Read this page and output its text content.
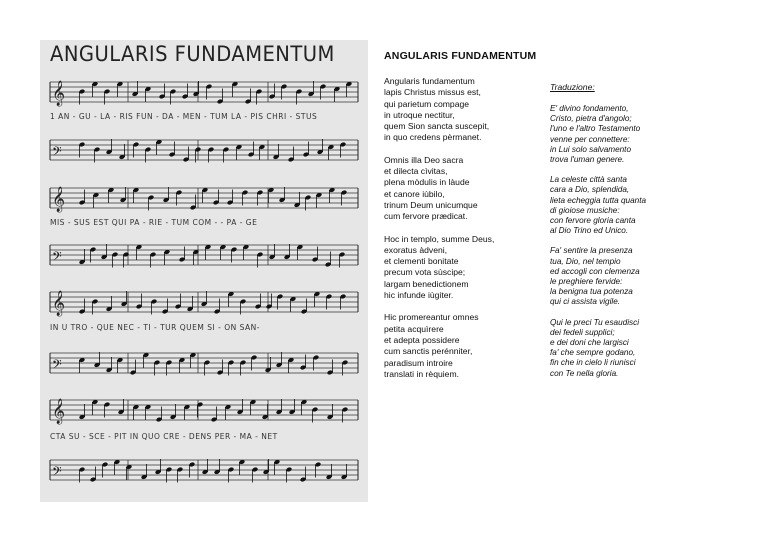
𝄞
𝄢
𝄞
𝄢
𝄞
𝄢
𝄞
𝄢
ANGULARIS FUNDAMENTUM
1 AN - GU - LA - RIS FUN - DA - MEN - TUM LA - PIS CHRI - STUS
MIS - SUS EST QUI PA - RIE - TUM COM - - PA - GE
IN U TRO - QUE NEC - TI - TUR QUEM SI - ON SAN-
CTA SU - SCE - PIT IN QUO CRE - DENS PER - MA - NET
ANGULARIS FUNDAMENTUM
Angularis fundamentum
lapis Christus missus est,
qui parietum compage
in utroque nectitur,
quem Sion sancta suscepit,
in quo credens pèrmanet.
Omnis illa Deo sacra
et dilecta cìvitas,
plena mòdulis in làude
et canore iùbilo,
trinum Deum unicumque
cum fervore prædicat.
Hoc in templo, summe Deus,
exoratus àdveni,
et clementi bonitate
precum vota sùscipe;
largam benedictionem
hic infunde iùgiter.
Hic promereantur omnes
petita acquìrere
et adepta possidere
cum sanctis perénniter,
paradisum introire
translati in rèquiem.
Traduzione:
E' divino fondamento,
Cristo, pietra d'angolo;
l'uno e l'altro Testamento
venne per connettere:
in Lui solo salvamento
trova l'uman genere.
La celeste città santa
cara a Dio, splendida,
lieta echeggia tutta quanta
di gioiose musiche:
con fervore gloria canta
al Dio Trino ed Unico.
Fa' sentire la presenza
tua, Dio, nel tempio
ed accogli con clemenza
le preghiere fervide:
la benigna tua potenza
qui ci assista vigile.
Qui le preci Tu esaudisci
dei fedeli supplici;
e dei doni che largisci
fa' che sempre godano,
fin che in cielo li riunisci
con Te nella gloria.
